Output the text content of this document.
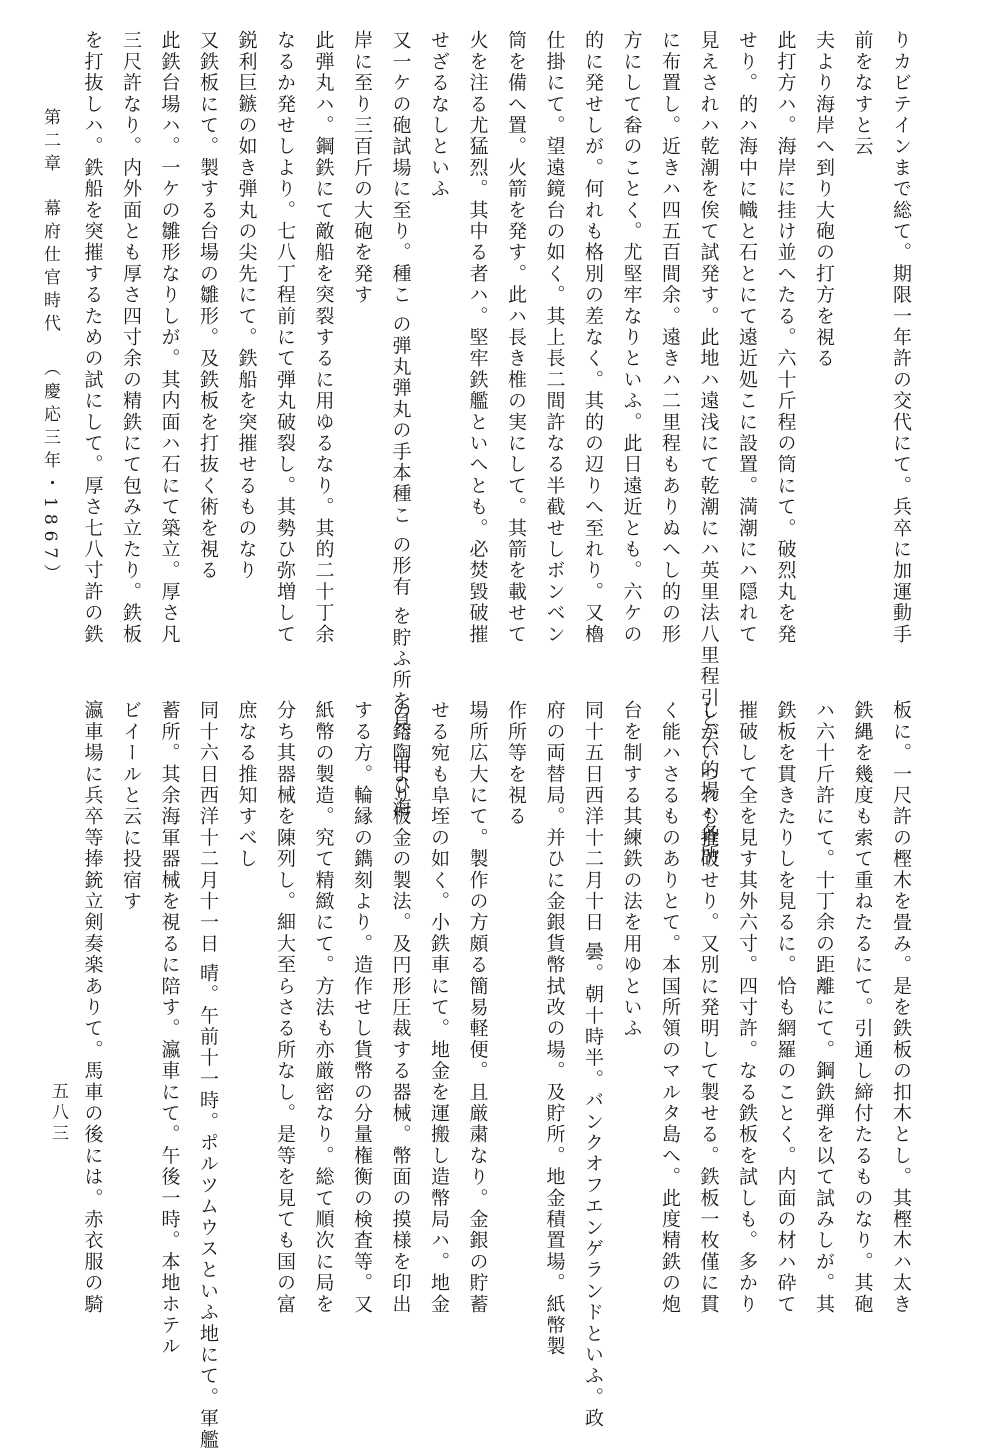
りカビテインまで総て。期限一年許の交代にて。兵卒に加運動手
前をなすと云
夫より海岸へ到り大砲の打方を視る
此打方ハ。海岸に挂け並へたる。六十斤程の筒にて。破烈丸を発
せり。的ハ海中に幟と石とにて遠近処こに設置。満潮にハ隠れて
見えされハ乾潮を俟て試発す。此地ハ遠浅にて乾潮にハ英里法八里程引と云 的場ハ各所
に布置し。近きハ四五百間余。遠きハ二里程もありぬへし的の形
方にして畚のことく。尤堅牢なりといふ。此日遠近とも。六ケの
的に発せしが。何れも格別の差なく。其的の辺りへ至れり。又櫓
仕掛にて。望遠鏡台の如く。其上長二間許なる半截せしボンベン
筒を備へ置。火箭を発す。此ハ長き椎の実にして。其箭を載せて
火を注る尤猛烈。其中る者ハ。堅牢鉄艦といへとも。必焚毀破摧
せざるなしといふ
又一ケの砲試場に至り。種こ の弾丸弾丸の手本種こ の形有 を貯ふ所を見。再ひ海
岸に至り三百斤の大砲を発す
此弾丸ハ。鋼鉄にて敵船を突裂するに用ゆるなり。其的二十丁余
なるか発せしより。七八丁程前にて弾丸破裂し。其勢ひ弥増して
鋭利巨鏃の如き弾丸の尖先にて。鉄船を突摧せるものなり
又鉄板にて。製する台場の雛形。及鉄板を打抜く術を視る
此鉄台場ハ。一ケの雛形なりしが。其内面ハ石にて築立。厚さ凡
三尺許なり。内外面とも厚さ四寸余の精鉄にて包み立たり。鉄板
を打抜しハ。鉄船を突摧するための試にして。厚さ七八寸許の鉄
板に。一尺許の樫木を畳み。是を鉄板の扣木とし。其樫木ハ太き
鉄縄を幾度も索て重ねたるにて。引通し締付たるものなり。其砲
ハ六十斤許にて。十丁余の距離にて。鋼鉄弾を以て試みしが。其
鉄板を貫きたりしを見るに。恰も網羅のことく。内面の材ハ砕て
摧破して全を見す其外六寸。四寸許。なる鉄板を試しも。多かり
しがいつれも摧破せり。又別に発明して製せる。鉄板一枚僅に貫
く能ハさるものありとて。本国所領のマルタ島へ。此度精鉄の炮
台を制する其練鉄の法を用ゆといふ
同十五日西洋十二月十日 曇。朝十時半。バンクオフエンゲランドといふ。政
府の両替局。并ひに金銀貨幣拭改の場。及貯所。地金積置場。紙幣製
作所等を視る
場所広大にて。製作の方頗る簡易軽便。且厳粛なり。金銀の貯蓄
せる宛も阜垤の如く。小鉄車にて。地金を運搬し造幣局ハ。地金
の鎔陶より板金の製法。及円形圧裁する器械。幣面の摸様を印出
する方。輪縁の鐫刻より。造作せし貨幣の分量権衡の検査等。又
紙幣の製造。究て精緻にて。方法も亦厳密なり。総て順次に局を
分ち其器械を陳列し。細大至らさる所なし。是等を見ても国の富
庶なる推知すべし
同十六日西洋十二月十一日 晴。午前十一時。ポルツムウスといふ地にて。軍艦
蓄所。其余海軍器械を視るに陪す。瀛車にて。午後一時。本地ホテル
ビイールと云に投宿す
瀛車場に兵卒等捧銃立剣奏楽ありて。馬車の後には。赤衣服の騎
第二章
幕府仕官時代
（慶応三年・1867）
五八三
